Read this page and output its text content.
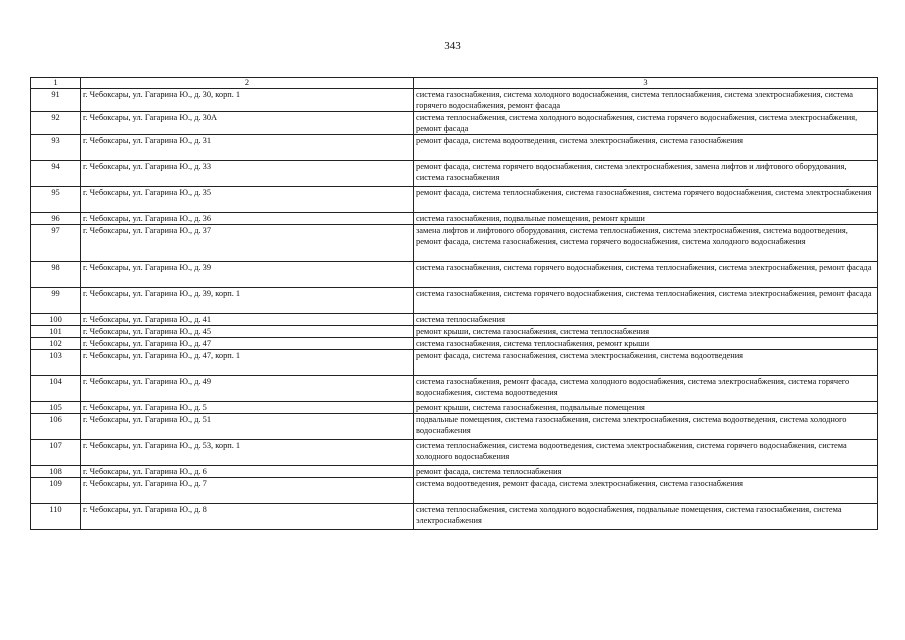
343
1	2	3
91	г. Чебоксары, ул. Гагарина Ю., д. 30, корп. 1	система газоснабжения, система холодного водоснабжения, система теплоснабжения, система электроснабжения, система горячего водоснабжения, ремонт фасада
92	г. Чебоксары, ул. Гагарина Ю., д. 30А	система теплоснабжения, система холодного водоснабжения, система горячего водоснабжения, система электроснабжения, ремонт фасада
93	г. Чебоксары, ул. Гагарина Ю., д. 31	ремонт фасада, система водоотведения, система электроснабжения, система газоснабжения
94	г. Чебоксары, ул. Гагарина Ю., д. 33	ремонт фасада, система горячего водоснабжения, система электроснабжения, замена лифтов и лифтового оборудования, система газоснабжения
95	г. Чебоксары, ул. Гагарина Ю., д. 35	ремонт фасада, система теплоснабжения, система газоснабжения, система горячего водоснабжения, система электроснабжения
96	г. Чебоксары, ул. Гагарина Ю., д. 36	система газоснабжения, подвальные помещения, ремонт крыши
97	г. Чебоксары, ул. Гагарина Ю., д. 37	замена лифтов и лифтового оборудования, система теплоснабжения, система электроснабжения, система водоотведения, ремонт фасада, система газоснабжения, система горячего водоснабжения, система холодного водоснабжения
98	г. Чебоксары, ул. Гагарина Ю., д. 39	система газоснабжения, система горячего водоснабжения, система теплоснабжения, система электроснабжения, ремонт фасада
99	г. Чебоксары, ул. Гагарина Ю., д. 39, корп. 1	система газоснабжения, система горячего водоснабжения, система теплоснабжения, система электроснабжения, ремонт фасада
100	г. Чебоксары, ул. Гагарина Ю., д. 41	система теплоснабжения
101	г. Чебоксары, ул. Гагарина Ю., д. 45	ремонт крыши, система газоснабжения, система теплоснабжения
102	г. Чебоксары, ул. Гагарина Ю., д. 47	система газоснабжения, система теплоснабжения, ремонт крыши
103	г. Чебоксары, ул. Гагарина Ю., д. 47, корп. 1	ремонт фасада, система газоснабжения, система электроснабжения, система водоотведения
104	г. Чебоксары, ул. Гагарина Ю., д. 49	система газоснабжения, ремонт фасада, система холодного водоснабжения, система электроснабжения, система горячего водоснабжения, система водоотведения
105	г. Чебоксары, ул. Гагарина Ю., д. 5	ремонт крыши, система газоснабжения, подвальные помещения
106	г. Чебоксары, ул. Гагарина Ю., д. 51	подвальные помещения, система газоснабжения, система электроснабжения, система водоотведения, система холодного водоснабжения
107	г. Чебоксары, ул. Гагарина Ю., д. 53, корп. 1	система теплоснабжения, система водоотведения, система электроснабжения, система горячего водоснабжения, система холодного водоснабжения
108	г. Чебоксары, ул. Гагарина Ю., д. 6	ремонт фасада, система теплоснабжения
109	г. Чебоксары, ул. Гагарина Ю., д. 7	система водоотведения, ремонт фасада, система электроснабжения, система газоснабжения
110	г. Чебоксары, ул. Гагарина Ю., д. 8	система теплоснабжения, система холодного водоснабжения, подвальные помещения, система газоснабжения, система электроснабжения
